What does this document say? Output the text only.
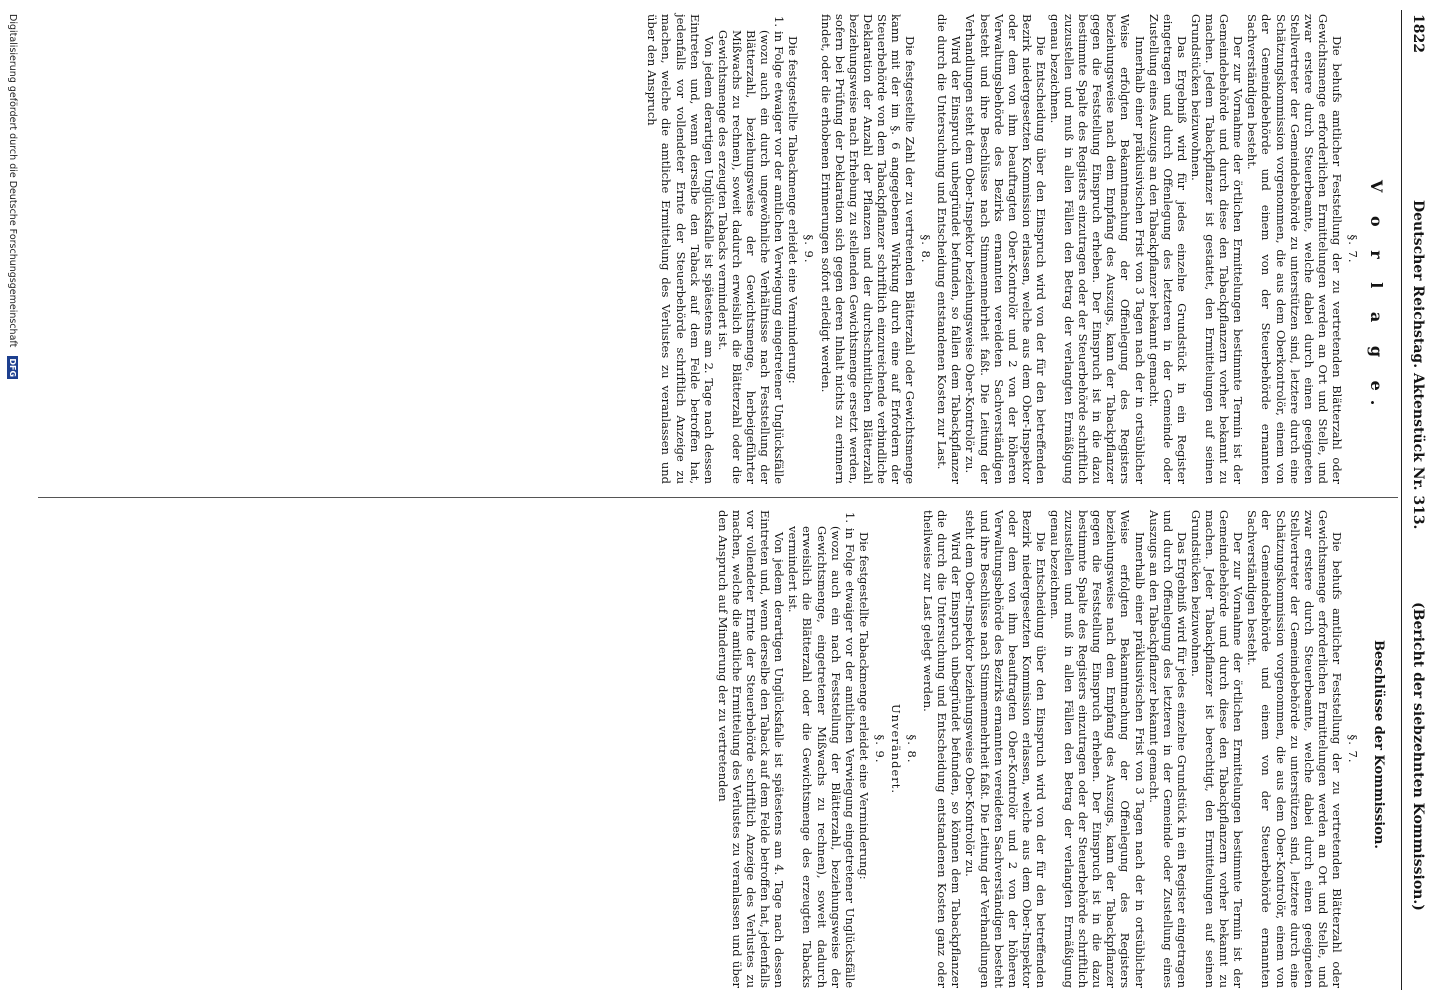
1822
Deutscher Reichstag. Aktenstück Nr. 313.
(Bericht der siebzehnten Kommission.)
V o r l a g e.

§. 7.

Die behufs amtlicher Feststellung der zu vertretenden Blätterzahl oder Gewichtsmenge erforderlichen Ermittelungen werden an Ort und Stelle, und zwar erstere durch Steuerbeamte, welche dabei durch einen geeigneten Stellvertreter der Gemeindebehörde zu unterstützen sind, letztere durch eine Schätzungskommission vorgenommen, die aus dem Oberkontrolör, einem von der Gemeindebehörde und einem von der Steuerbehörde ernannten Sachverständigen besteht.

Der zur Vornahme der örtlichen Ermittelungen bestimmte Termin ist der Gemeindebehörde und durch diese den Tabackpflanzern vorher bekannt zu machen. Jedem Tabackpflanzer ist gestattet, den Ermittelungen auf seinen Grundstücken beizuwohnen.

Das Ergebniß wird für jedes einzelne Grundstück in ein Register eingetragen und durch Offenlegung des letzteren in der Gemeinde oder Zustellung eines Auszugs an den Tabackpflanzer bekannt gemacht.

Innerhalb einer präklusivischen Frist von 3 Tagen nach der in ortsüblicher Weise erfolgten Bekanntmachung der Offenlegung des Registers beziehungsweise nach dem Empfang des Auszugs, kann der Tabackpflanzer gegen die Feststellung Einspruch erheben. Der Einspruch ist in die dazu bestimmte Spalte des Registers einzutragen oder der Steuerbehörde schriftlich zuzustellen und muß in allen Fällen den Betrag der verlangten Ermäßigung genau bezeichnen.

Die Entscheidung über den Einspruch wird von der für den betreffenden Bezirk niedergesetzten Kommission erlassen, welche aus dem Ober-Inspektor oder dem von ihm beauftragten Ober-Kontrolör und 2 von der höheren Verwaltungsbehörde des Bezirks ernannten vereideten Sachverständigen besteht und ihre Beschlüsse nach Stimmenmehrheit faßt. Die Leitung der Verhandlungen steht dem Ober-Inspektor beziehungsweise Ober-Kontrolör zu.

Wird der Einspruch unbegründet befunden, so fallen dem Tabackpflanzer die durch die Untersuchung und Entscheidung entstandenen Kosten zur Last.

§. 8.

Die festgestellte Zahl der zu vertretenden Blätterzahl oder Gewichtsmenge kann mit der im §. 6 angegebenen Wirkung durch eine auf Erfordern der Steuerbehörde von dem Tabackpflanzer schriftlich einzureichende verbindliche Deklaration der Anzahl der Pflanzen und der durchschnittlichen Blätterzahl beziehungsweise nach Erhebung zu stellenden Gewichtsmenge ersetzt werden, sofern bei Prüfung der Deklaration sich gegen deren Inhalt nichts zu erinnern findet, oder die erhobenen Erinnerungen sofort erledigt werden.

§. 9.

Die festgestellte Tabackmenge erleidet eine Verminderung:

1. in Folge etwaiger vor der amtlichen Verwiegung eingetretener Unglücksfälle (wozu auch ein durch ungewöhnliche Verhältnisse nach Feststellung der Blätterzahl, beziehungsweise der Gewichtsmenge, herbeigeführter Mißwachs zu rechnen), soweit dadurch erweislich die Blätterzahl oder die Gewichtsmenge des erzeugten Tabacks vermindert ist.

Von jedem derartigen Unglücksfalle ist spätestens am 2. Tage nach dessen Eintreten und, wenn derselbe den Taback auf dem Felde betroffen hat, jedenfalls vor vollendeter Ernte der Steuerbehörde schriftlich Anzeige zu machen, welche die amtliche Ermittelung des Verlustes zu veranlassen und über den Anspruch

Beschlüsse der Kommission.

§. 7.

Die behufs amtlicher Feststellung der zu vertretenden Blätterzahl oder Gewichtsmenge erforderlichen Ermittelungen werden an Ort und Stelle, und zwar erstere durch Steuerbeamte, welche dabei durch einen geeigneten Stellvertreter der Gemeindebehörde zu unterstützen sind, letztere durch eine Schätzungskommission vorgenommen, die aus dem Ober-Kontrolör, einem von der Gemeindebehörde und einem von der Steuerbehörde ernannten Sachverständigen besteht.

Der zur Vornahme der örtlichen Ermittelungen bestimmte Termin ist der Gemeindebehörde und durch diese den Tabackpflanzern vorher bekannt zu machen. Jeder Tabackpflanzer ist berechtigt, den Ermittelungen auf seinen Grundstücken beizuwohnen.

Das Ergebniß wird für jedes einzelne Grundstück in ein Register eingetragen und durch Offenlegung des letzteren in der Gemeinde oder Zustellung eines Auszugs an den Tabackpflanzer bekannt gemacht.

Innerhalb einer präklusivischen Frist von 3 Tagen nach der in ortsüblicher Weise erfolgten Bekanntmachung der Offenlegung des Registers beziehungsweise nach dem Empfang des Auszugs, kann der Tabackpflanzer gegen die Feststellung Einspruch erheben. Der Einspruch ist in die dazu bestimmte Spalte des Registers einzutragen oder der Steuerbehörde schriftlich zuzustellen und muß in allen Fällen den Betrag der verlangten Ermäßigung genau bezeichnen.

Die Entscheidung über den Einspruch wird von der für den betreffenden Bezirk niedergesetzten Kommission erlassen, welche aus dem Ober-Inspektor oder dem von ihm beauftragten Ober-Kontrolör und 2 von der höheren Verwaltungsbehörde des Bezirks ernannten vereideten Sachverständigen besteht und ihre Beschlüsse nach Stimmenmehrheit faßt. Die Leitung der Verhandlungen steht dem Ober-Inspektor beziehungsweise Ober-Kontrolör zu.

Wird der Einspruch unbegründet befunden, so können dem Tabackpflanzer die durch die Untersuchung und Entscheidung entstandenen Kosten ganz oder theilweise zur Last gelegt werden.

§. 8.

Unverändert.

§. 9.

Die festgestellte Tabackmenge erleidet eine Verminderung:

1. in Folge etwaiger vor der amtlichen Verwiegung eingetretener Unglücksfälle (wozu auch ein nach Feststellung der Blätterzahl, beziehungsweise der Gewichtsmenge, eingetretener Mißwachs zu rechnen), soweit dadurch erweislich die Blätterzahl oder die Gewichtsmenge des erzeugten Tabacks vermindert ist.

Von jedem derartigen Unglücksfalle ist spätestens am 4. Tage nach dessen Eintreten und, wenn derselbe den Taback auf dem Felde betroffen hat, jedenfalls vor vollendeter Ernte der Steuerbehörde schriftlich Anzeige des Verlustes zu machen, welche die amtliche Ermittelung des Verlustes zu veranlassen und über den Anspruch auf Minderung der zu vertretenden

Digitalisierung gefördert durch die Deutsche Forschungsgemeinschaft DFG
